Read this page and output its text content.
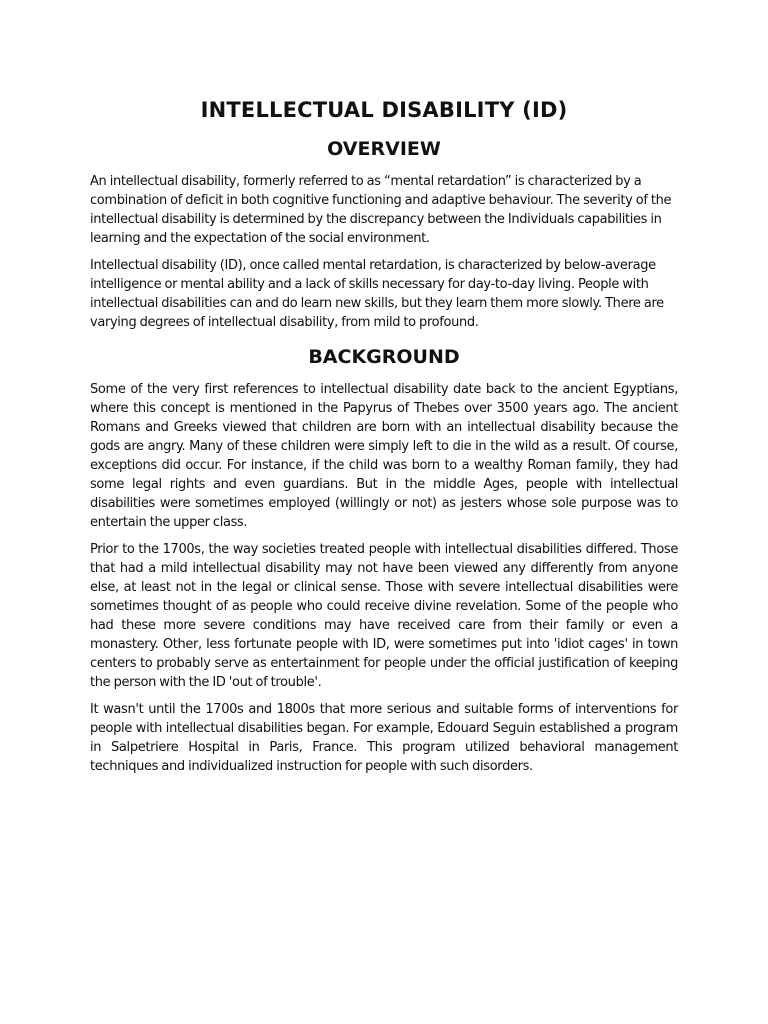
INTELLECTUAL DISABILITY (ID)
OVERVIEW

An intellectual disability, formerly referred to as “mental retardation” is characterized by a combination of deficit in both cognitive functioning and adaptive behaviour. The severity of the intellectual disability is determined by the discrepancy between the Individuals capabilities in learning and the expectation of the social environment.

Intellectual disability (ID), once called mental retardation, is characterized by below-average intelligence or mental ability and a lack of skills necessary for day-to-day living. People with intellectual disabilities can and do learn new skills, but they learn them more slowly. There are varying degrees of intellectual disability, from mild to profound.

BACKGROUND

Some of the very first references to intellectual disability date back to the ancient Egyptians, where this concept is mentioned in the Papyrus of Thebes over 3500 years ago. The ancient Romans and Greeks viewed that children are born with an intellectual disability because the gods are angry. Many of these children were simply left to die in the wild as a result. Of course, exceptions did occur. For instance, if the child was born to a wealthy Roman family, they had some legal rights and even guardians. But in the middle Ages, people with intellectual disabilities were sometimes employed (willingly or not) as jesters whose sole purpose was to entertain the upper class.

Prior to the 1700s, the way societies treated people with intellectual disabilities differed. Those that had a mild intellectual disability may not have been viewed any differently from anyone else, at least not in the legal or clinical sense. Those with severe intellectual disabilities were sometimes thought of as people who could receive divine revelation. Some of the people who had these more severe conditions may have received care from their family or even a monastery. Other, less fortunate people with ID, were sometimes put into 'idiot cages' in town centers to probably serve as entertainment for people under the official justification of keeping the person with the ID 'out of trouble'.

It wasn't until the 1700s and 1800s that more serious and suitable forms of interventions for people with intellectual disabilities began. For example, Edouard Seguin established a program in Salpetriere Hospital in Paris, France. This program utilized behavioral management techniques and individualized instruction for people with such disorders.
